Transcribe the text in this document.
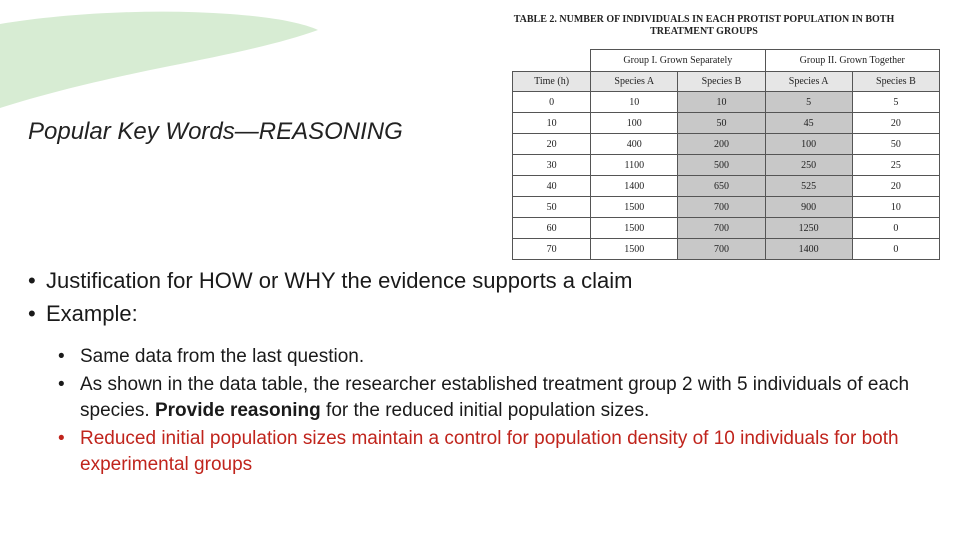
Popular Key Words—REASONING
TABLE 2. NUMBER OF INDIVIDUALS IN EACH PROTIST POPULATION IN BOTH
TREATMENT GROUPS
	Group I. Grown Separately		Group II. Grown Together	
Time (h)	Species A	Species B	Species A	Species B
0	10	10	5	5
10	100	50	45	20
20	400	200	100	50
30	1100	500	250	25
40	1400	650	525	20
50	1500	700	900	10
60	1500	700	1250	0
70	1500	700	1400	0
• Justification for HOW or WHY the evidence supports a claim
• Example:
• Same data from the last question.
• As shown in the data table, the researcher established treatment group 2 with 5 individuals of each species. Provide reasoning for the reduced initial population sizes.
• Reduced initial population sizes maintain a control for population density of 10 individuals for both experimental groups
